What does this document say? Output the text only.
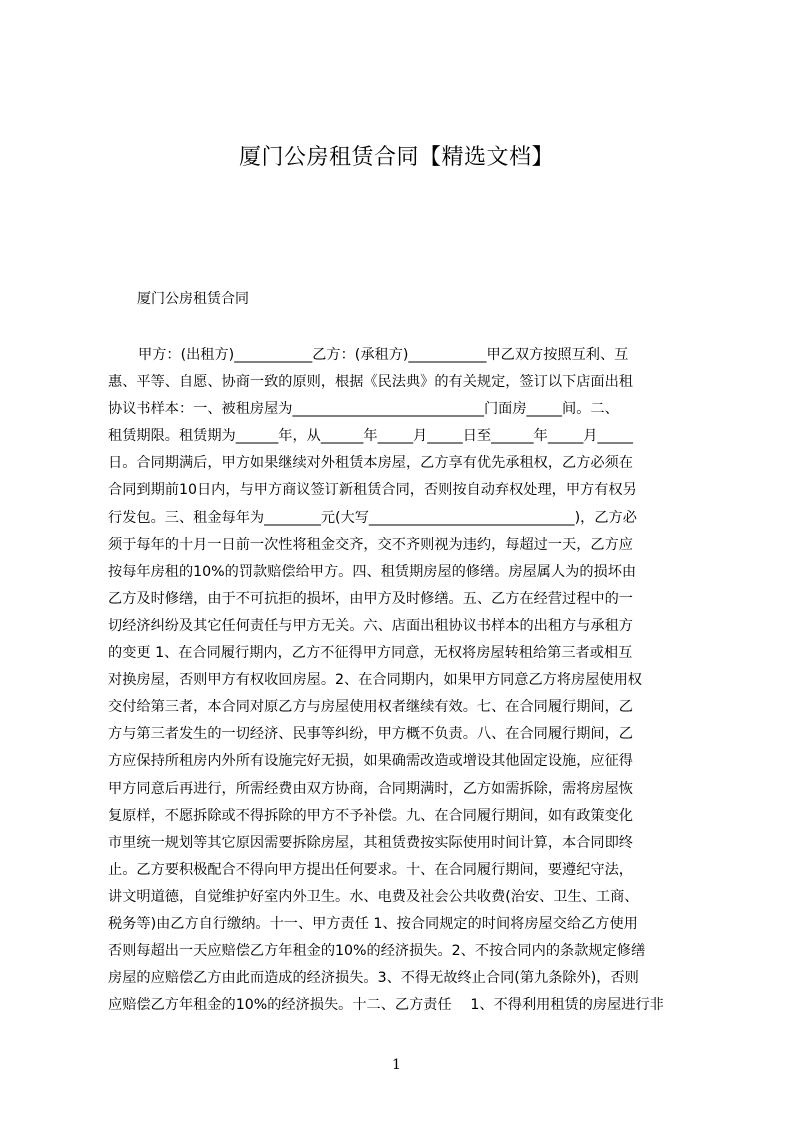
厦门公房租赁合同【精选文档】
厦门公房租赁合同
甲方：(出租方)___________乙方：(承租方)___________甲乙双方按照互利、互
惠、平等、自愿、协商一致的原则，根据《民法典》的有关规定，签订以下店面出租
协议书样本：一、被租房屋为___________________________门面房_____间。二、
租赁期限。租赁期为______年，从______年_____月_____日至______年_____月_____
日。合同期满后，甲方如果继续对外租赁本房屋，乙方享有优先承租权，乙方必须在
合同到期前10日内，与甲方商议签订新租赁合同，否则按自动弃权处理，甲方有权另
行发包。三、租金每年为________元(大写_____________________________)，乙方必
须于每年的十月一日前一次性将租金交齐，交不齐则视为违约，每超过一天，乙方应
按每年房租的10%的罚款赔偿给甲方。四、租赁期房屋的修缮。房屋属人为的损坏由
乙方及时修缮，由于不可抗拒的损坏，由甲方及时修缮。五、乙方在经营过程中的一
切经济纠纷及其它任何责任与甲方无关。六、店面出租协议书样本的出租方与承租方
的变更 1、在合同履行期内，乙方不征得甲方同意，无权将房屋转租给第三者或相互
对换房屋，否则甲方有权收回房屋。2、在合同期内，如果甲方同意乙方将房屋使用权
交付给第三者，本合同对原乙方与房屋使用权者继续有效。七、在合同履行期间，乙
方与第三者发生的一切经济、民事等纠纷，甲方概不负责。八、在合同履行期间，乙
方应保持所租房内外所有设施完好无损，如果确需改造或增设其他固定设施，应征得
甲方同意后再进行，所需经费由双方协商，合同期满时，乙方如需拆除，需将房屋恢
复原样，不愿拆除或不得拆除的甲方不予补偿。九、在合同履行期间，如有政策变化
市里统一规划等其它原因需要拆除房屋，其租赁费按实际使用时间计算，本合同即终
止。乙方要积极配合不得向甲方提出任何要求。十、在合同履行期间，要遵纪守法，
讲文明道德，自觉维护好室内外卫生。水、电费及社会公共收费(治安、卫生、工商、
税务等)由乙方自行缴纳。十一、甲方责任 1、按合同规定的时间将房屋交给乙方使用
否则每超出一天应赔偿乙方年租金的10%的经济损失。2、不按合同内的条款规定修缮
房屋的应赔偿乙方由此而造成的经济损失。3、不得无故终止合同(第九条除外)，否则
应赔偿乙方年租金的10%的经济损失。十二、乙方责任　 1、不得利用租赁的房屋进行非
1
